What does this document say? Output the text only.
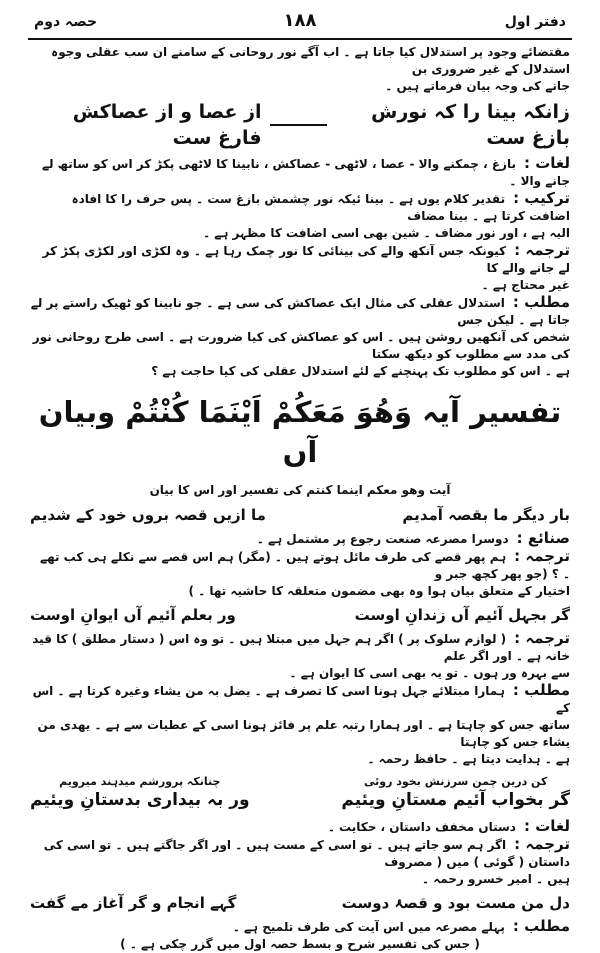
حصہ دوم	۱۸۸	دفتر اول

مقتضائے وجود پر استدلال کیا جاتا ہے ۔ اب آگے نور روحانی کے سامنے ان سب عقلی وجوہ استدلال کے غیر ضروری بن

جانے کی وجہ بیان فرماتے ہیں ۔

زانکہ بینا را کہ نورش بازغ ست
از عصا و از عصاکش فارغ ست

لغات :بازغ ، چمکنے والا - عصا ، لاٹھی - عصاکش ، نابینا کا لاٹھی پکڑ کر اس کو ساتھ لے جانے والا ۔

ترکیب :تقدیر کلام یوں ہے ۔ بینا ئیکہ نور چشمش بازغ ست ۔ پس حرف را کا افادہ اضافت کرتا ہے ۔ بینا مضاف

الیہ ہے ، اور نور مضاف ۔ شین بھی اسی اضافت کا مظہر ہے ۔

ترجمہ :کیونکہ جس آنکھ والے کی بینائی کا نور چمک رہا ہے ۔ وہ لکڑی اور لکڑی پکڑ کر لے جانے والے کا

غیر محتاج ہے ۔

مطلب :استدلال عقلی کی مثال ایک عصاکش کی سی ہے ۔ جو نابینا کو ٹھیک راستے پر لے جاتا ہے ۔ لیکن جس

شخص کی آنکھیں روشن ہیں ۔ اس کو عصاکش کی کیا ضرورت ہے ۔ اسی طرح روحانی نور کی مدد سے مطلوب کو دیکھ سکتا

ہے ۔ اس کو مطلوب تک پہنچنے کے لئے استدلال عقلی کی کیا حاجت ہے ؟

تفسیر آیہ وَھُوَ مَعَکُمْ اَیْنَمَا کُنْتُمْ وبیان آں
آیت وھو معکم اینما کنتم کی تفسیر اور اس کا بیان
بار دیگر ما بقصہ آمدیم
ما ازیں قصہ بروں خود کے شدیم

صنائع :دوسرا مصرعہ صنعت رجوع پر مشتمل ہے ۔

ترجمہ :ہم پھر قصے کی طرف مائل ہوتے ہیں ۔ (مگر) ہم اس قصے سے نکلے ہی کب تھے ۔ ؟ (جو پھر کچھ جبر و

اختیار کے متعلق بیان ہوا وہ بھی مضمون متعلقہ کا حاشیہ تھا ۔ )

گر بجہل آئیم آں زندانِ اوست
ور بعلم آئیم آں ایوانِ اوست

ترجمہ :( لوازم سلوک پر ) اگر ہم جہل میں مبتلا ہیں ۔ تو وہ اس ( دستار مطلق ) کا قید خانہ ہے ۔ اور اگر علم

سے بہرہ ور ہوں ۔ تو یہ بھی اسی کا ایوان ہے ۔

مطلب :ہمارا مبتلائے جہل ہونا اسی کا تصرف ہے ۔ یضل بہ من یشاء وغیرہ کرتا ہے ۔ اس کے

ساتھ جس کو چاہتا ہے ۔ اور ہمارا رتبہ علم پر فائز ہونا اسی کے عطیات سے ہے ۔ یھدی من یشاء جس کو چاہتا

ہے ۔ ہدایت دیتا ہے ۔ حافظ رحمہ ۔

کن درین چمن سرزنش بخود روئی
گر بخواب آئیم مستانِ ویئیم
چنانکہ پرورشم میدہند میرویم
ور بہ بیداری بدستانِ ویئیم

لغات :دستاں مخفف داستان ، حکایت ۔

ترجمہ :اگر ہم سو جاتے ہیں ۔ تو اسی کے مست ہیں ۔ اور اگر جاگتے ہیں ۔ تو اسی کی داستان ( گوئی ) میں ( مصروف

ہیں ۔ امیر خسرو رحمہ ۔

دل من مست بود و قصۂ دوست
گہے انجام و گر آغاز مے گفت

مطلب :پہلے مصرعہ میں اس آیت کی طرف تلمیح ہے ۔

( جس کی تفسیر شرح و بسط حصہ اول میں گزر چکی ہے ۔ )
